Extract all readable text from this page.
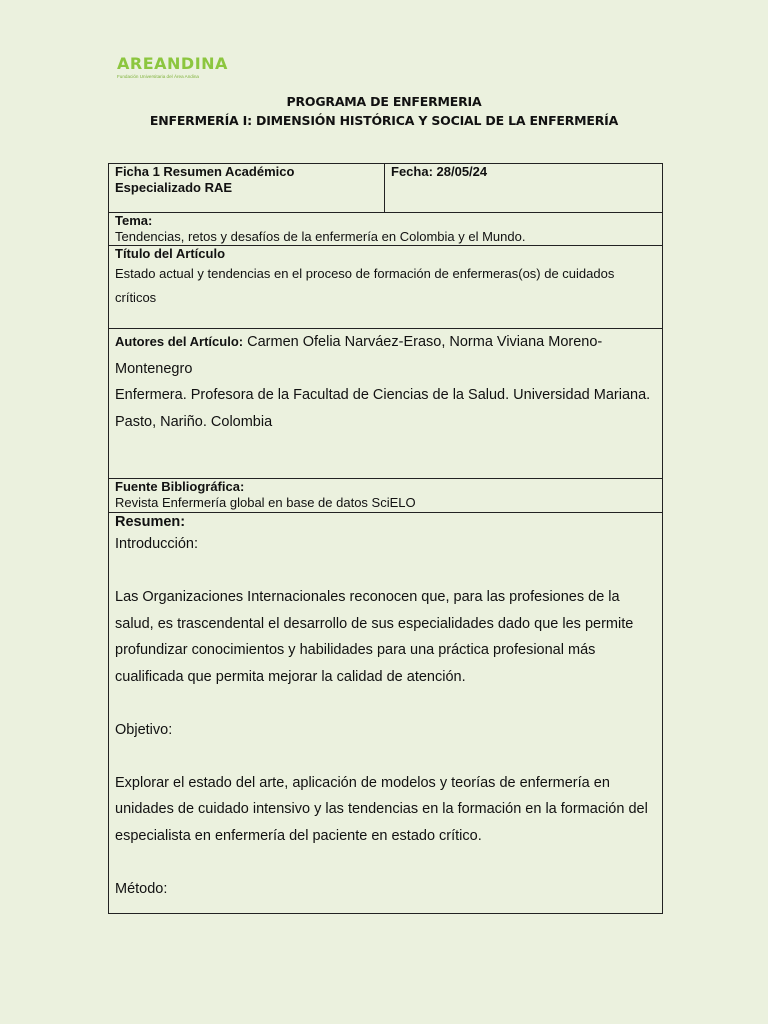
AREANDINA
Fundación Universitaria del Área Andina
PROGRAMA DE ENFERMERIA
ENFERMERÍA I: DIMENSIÓN HISTÓRICA Y SOCIAL DE LA ENFERMERÍA
Ficha 1 Resumen Académico
Especializado RAE

Fecha: 28/05/24

Tema:
Tendencias, retos y desafíos de la enfermería en Colombia y el Mundo.

Título del Artículo
Estado actual y tendencias en el proceso de formación de enfermeras(os) de cuidados críticos

Autores del Artículo: Carmen Ofelia Narváez-Eraso, Norma Viviana Moreno-Montenegro
Enfermera. Profesora de la Facultad de Ciencias de la Salud. Universidad Mariana. Pasto, Nariño. Colombia

Fuente Bibliográfica:
Revista Enfermería global en base de datos SciELO

Resumen:

Introducción:

Las Organizaciones Internacionales reconocen que, para las profesiones de la salud, es trascendental el desarrollo de sus especialidades dado que les permite profundizar conocimientos y habilidades para una práctica profesional más cualificada que permita mejorar la calidad de atención.

Objetivo:

Explorar el estado del arte, aplicación de modelos y teorías de enfermería en unidades de cuidado intensivo y las tendencias en la formación en la formación del especialista en enfermería del paciente en estado crítico.

Método:
